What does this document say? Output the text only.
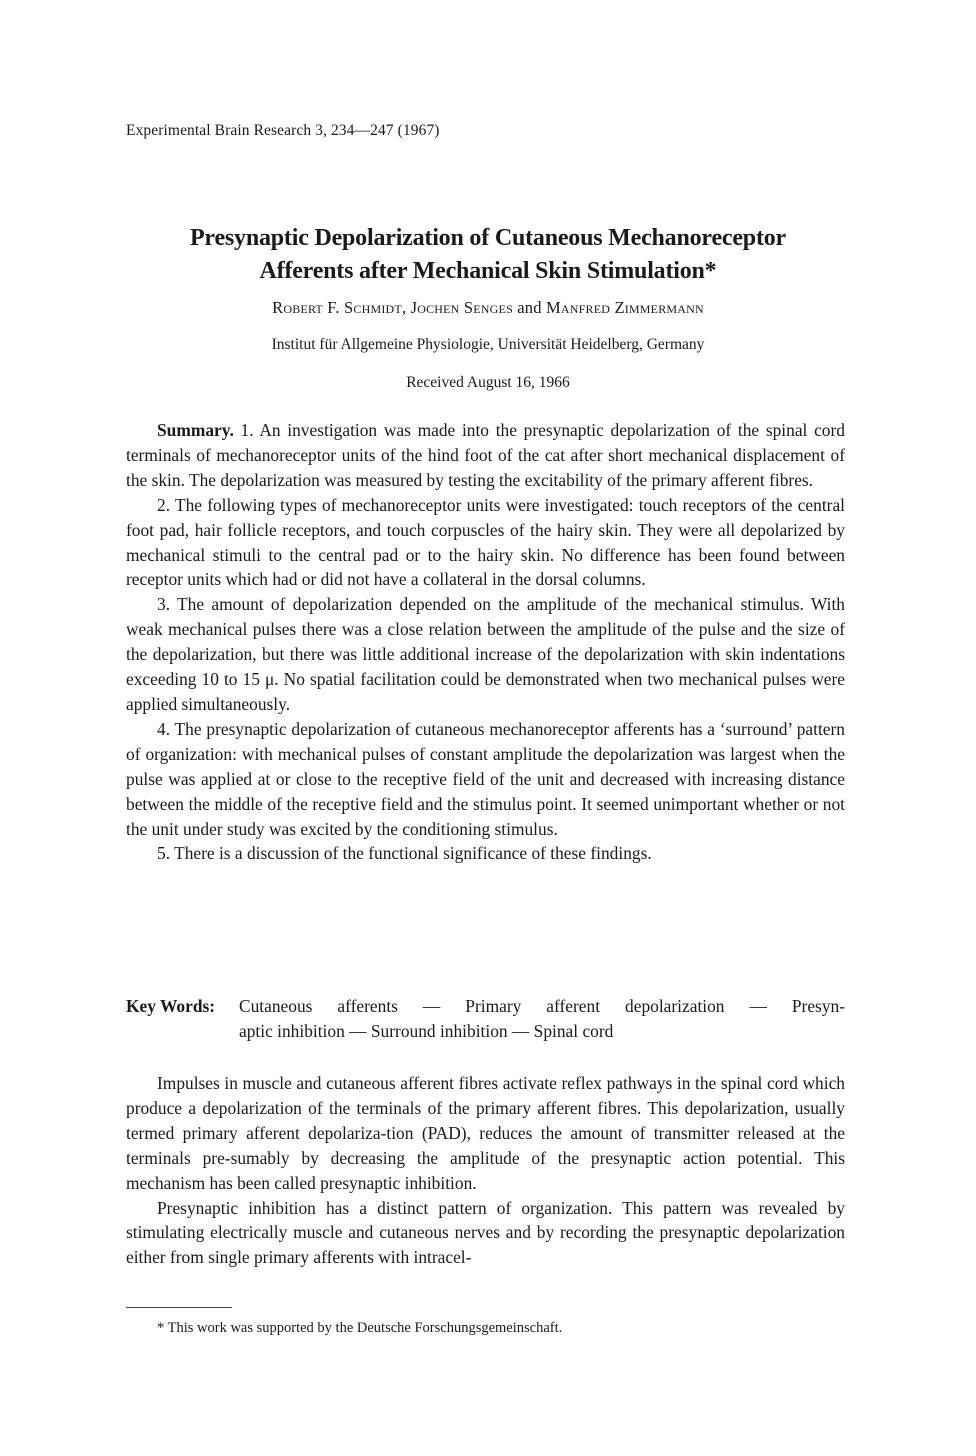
Experimental Brain Research 3, 234—247 (1967)
Presynaptic Depolarization of Cutaneous Mechanoreceptor
Afferents after Mechanical Skin Stimulation*
Robert F. Schmidt, Jochen Senges and Manfred Zimmermann
Institut für Allgemeine Physiologie, Universität Heidelberg, Germany
Received August 16, 1966

Summary. 1. An investigation was made into the presynaptic depolarization of the spinal cord terminals of mechanoreceptor units of the hind foot of the cat after short mechanical displacement of the skin. The depolarization was measured by testing the excitability of the primary afferent fibres.

2. The following types of mechanoreceptor units were investigated: touch receptors of the central foot pad, hair follicle receptors, and touch corpuscles of the hairy skin. They were all depolarized by mechanical stimuli to the central pad or to the hairy skin. No difference has been found between receptor units which had or did not have a collateral in the dorsal columns.

3. The amount of depolarization depended on the amplitude of the mechanical stimulus. With weak mechanical pulses there was a close relation between the amplitude of the pulse and the size of the depolarization, but there was little additional increase of the depolarization with skin indentations exceeding 10 to 15 μ. No spatial facilitation could be demonstrated when two mechanical pulses were applied simultaneously.

4. The presynaptic depolarization of cutaneous mechanoreceptor afferents has a ‘surround’ pattern of organization: with mechanical pulses of constant amplitude the depolarization was largest when the pulse was applied at or close to the receptive field of the unit and decreased with increasing distance between the middle of the receptive field and the stimulus point. It seemed unimportant whether or not the unit under study was excited by the conditioning stimulus.

5. There is a discussion of the functional significance of these findings.

Key Words: Cutaneous afferents — Primary afferent depolarization — Presyn-
aptic inhibition — Surround inhibition — Spinal cord

Impulses in muscle and cutaneous afferent fibres activate reflex pathways in the spinal cord which produce a depolarization of the terminals of the primary afferent fibres. This depolarization, usually termed primary afferent depolariza-tion (PAD), reduces the amount of transmitter released at the terminals pre-sumably by decreasing the amplitude of the presynaptic action potential. This mechanism has been called presynaptic inhibition.

Presynaptic inhibition has a distinct pattern of organization. This pattern was revealed by stimulating electrically muscle and cutaneous nerves and by recording the presynaptic depolarization either from single primary afferents with intracel-

* This work was supported by the Deutsche Forschungsgemeinschaft.
